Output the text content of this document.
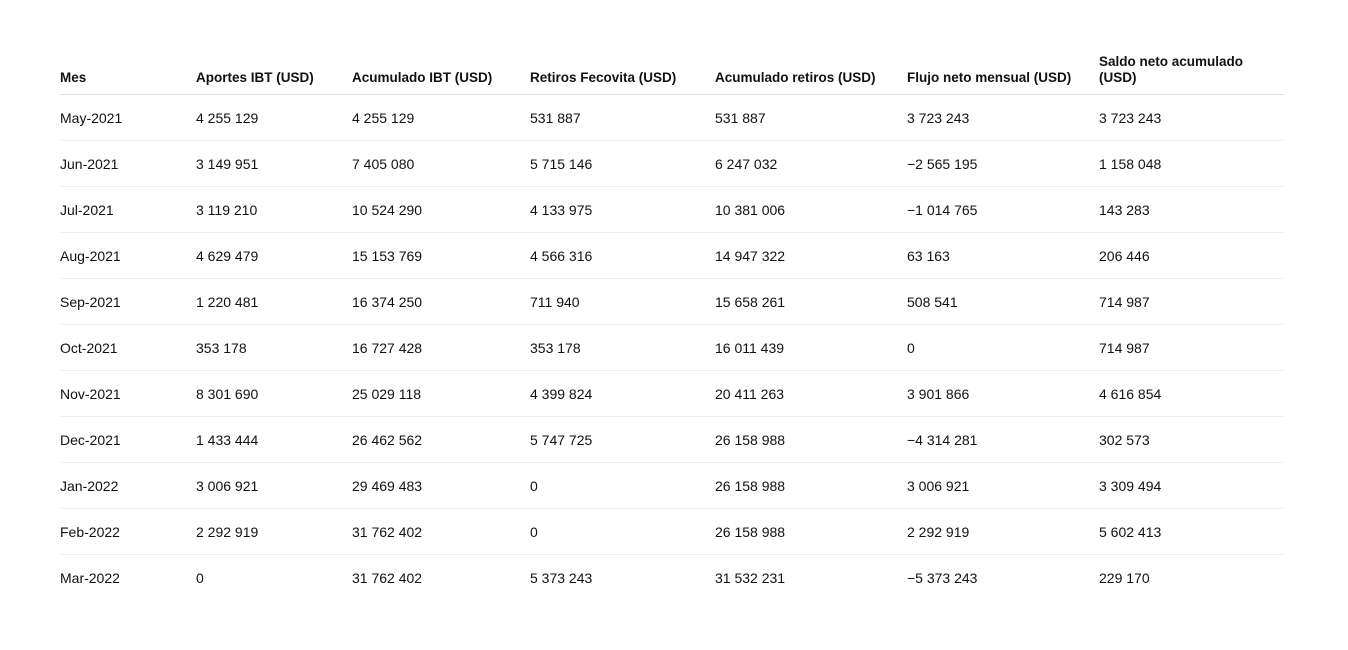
Mes	Aportes IBT (USD)	Acumulado IBT (USD)	Retiros Fecovita (USD)	Acumulado retiros (USD)	Flujo neto mensual (USD)	Saldo neto acumulado (USD)

May-2021	4 255 129	4 255 129	531 887	531 887	3 723 243	3 723 243
Jun-2021	3 149 951	7 405 080	5 715 146	6 247 032	−2 565 195	1 158 048
Jul-2021	3 119 210	10 524 290	4 133 975	10 381 006	−1 014 765	143 283
Aug-2021	4 629 479	15 153 769	4 566 316	14 947 322	63 163	206 446
Sep-2021	1 220 481	16 374 250	711 940	15 658 261	508 541	714 987
Oct-2021	353 178	16 727 428	353 178	16 011 439	0	714 987
Nov-2021	8 301 690	25 029 118	4 399 824	20 411 263	3 901 866	4 616 854
Dec-2021	1 433 444	26 462 562	5 747 725	26 158 988	−4 314 281	302 573
Jan-2022	3 006 921	29 469 483	0	26 158 988	3 006 921	3 309 494
Feb-2022	2 292 919	31 762 402	0	26 158 988	2 292 919	5 602 413
Mar-2022	0	31 762 402	5 373 243	31 532 231	−5 373 243	229 170
